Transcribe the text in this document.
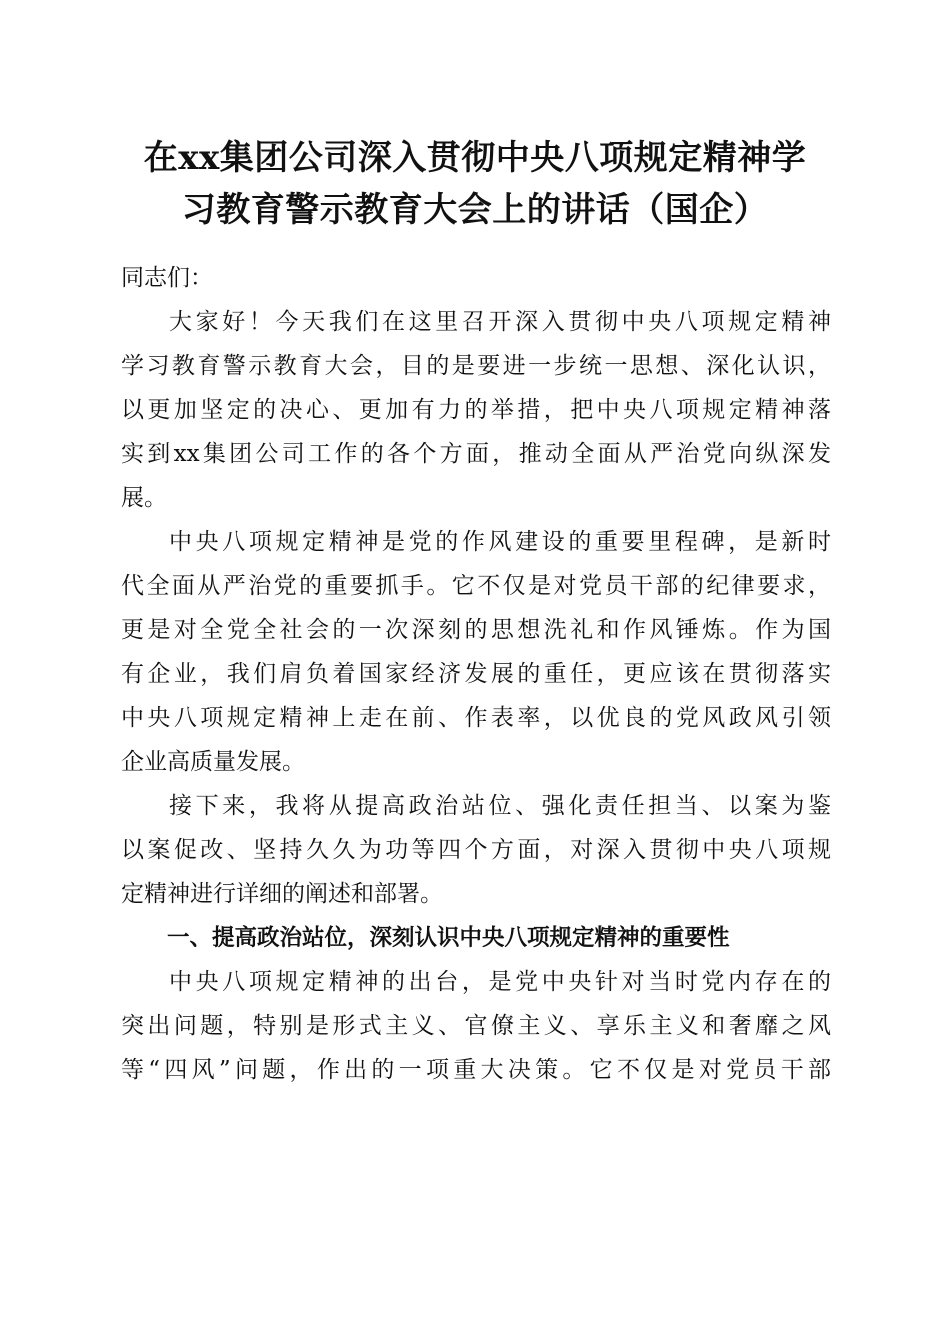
在xx集团公司深入贯彻中央八项规定精神学
习教育警示教育大会上的讲话（国企）
同志们：
大家好！今天我们在这里召开深入贯彻中央八项规定精神
学习教育警示教育大会，目的是要进一步统一思想、深化认识，
以更加坚定的决心、更加有力的举措，把中央八项规定精神落
实到xx集团公司工作的各个方面，推动全面从严治党向纵深发
展。
中央八项规定精神是党的作风建设的重要里程碑，是新时
代全面从严治党的重要抓手。它不仅是对党员干部的纪律要求，
更是对全党全社会的一次深刻的思想洗礼和作风锤炼。作为国
有企业，我们肩负着国家经济发展的重任，更应该在贯彻落实
中央八项规定精神上走在前、作表率，以优良的党风政风引领
企业高质量发展。
接下来，我将从提高政治站位、强化责任担当、以案为鉴
以案促改、坚持久久为功等四个方面，对深入贯彻中央八项规
定精神进行详细的阐述和部署。
一、提高政治站位，深刻认识中央八项规定精神的重要性
中央八项规定精神的出台，是党中央针对当时党内存在的
突出问题，特别是形式主义、官僚主义、享乐主义和奢靡之风
等“四风”问题，作出的一项重大决策。它不仅是对党员干部
